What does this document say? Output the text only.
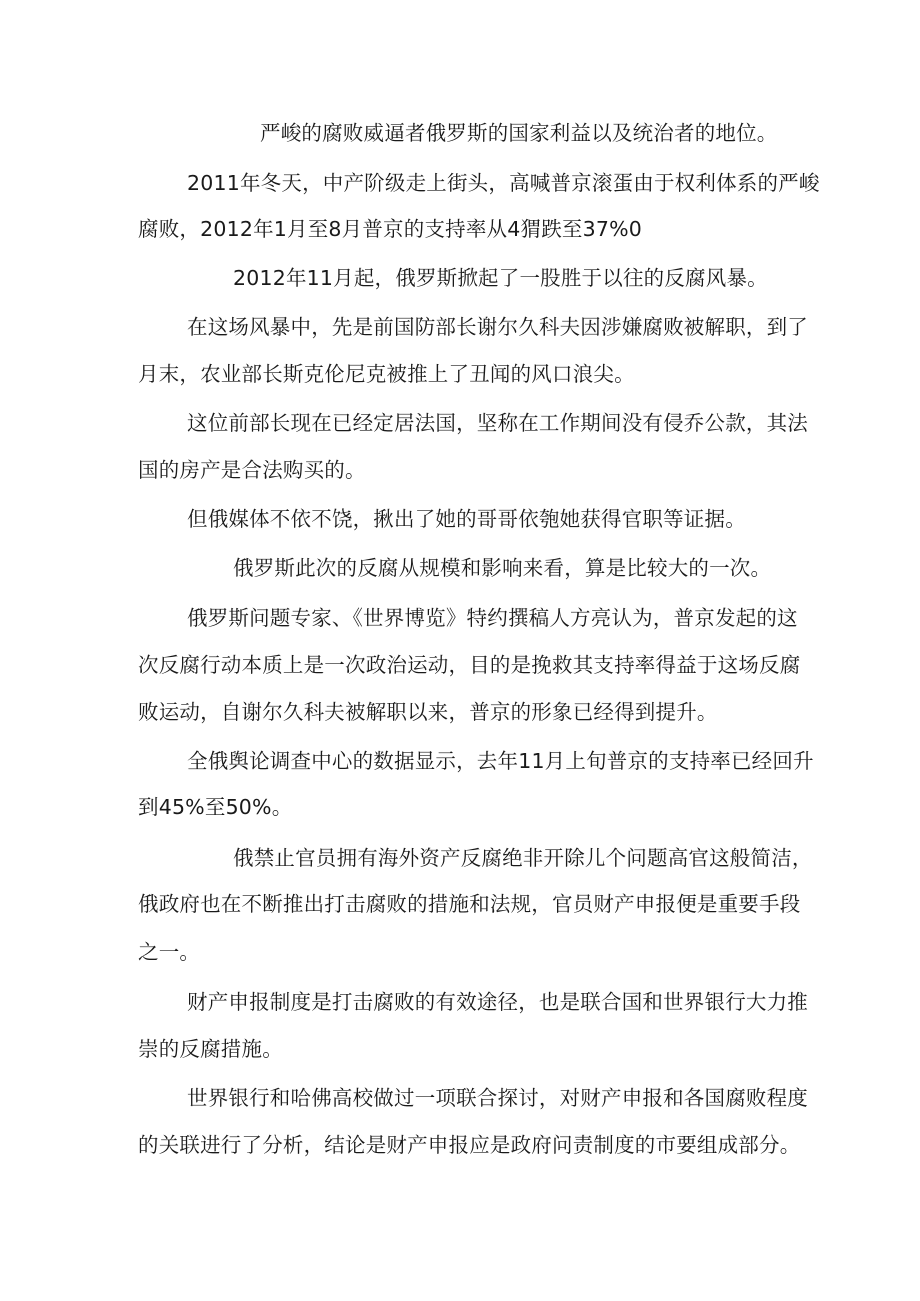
严峻的腐败威逼者俄罗斯的国家利益以及统治者的地位。
2011年冬天，中产阶级走上街头，高喊普京滚蛋由于权利体系的严峻
腐败，2012年1月至8月普京的支持率从4猬跌至37%0
2012年11月起，俄罗斯掀起了一股胜于以往的反腐风暴。
在这场风暴中，先是前国防部长谢尔久科夫因涉嫌腐败被解职，到了
月末，农业部长斯克伦尼克被推上了丑闻的风口浪尖。
这位前部长现在已经定居法国，坚称在工作期间没有侵乔公款，其法
国的房产是合法购买的。
但俄媒体不依不饶，揪出了她的哥哥依匏她获得官职等证据。
俄罗斯此次的反腐从规模和影响来看，算是比较大的一次。
俄罗斯问题专家、《世界博览》特约撰稿人方亮认为，普京发起的这
次反腐行动本质上是一次政治运动，目的是挽救其支持率得益于这场反腐
败运动，自谢尔久科夫被解职以来，普京的形象已经得到提升。
全俄舆论调查中心的数据显示，去年11月上旬普京的支持率已经回升
到45%至50%。
俄禁止官员拥有海外资产反腐绝非开除儿个问题高官这般简洁，
俄政府也在不断推出打击腐败的措施和法规，官员财产申报便是重要手段
之一。
财产申报制度是打击腐败的有效途径，也是联合国和世界银行大力推
崇的反腐措施。
世界银行和哈佛高校做过一项联合探讨，对财产申报和各国腐败程度
的关联进行了分析，结论是财产申报应是政府问责制度的市要组成部分。
